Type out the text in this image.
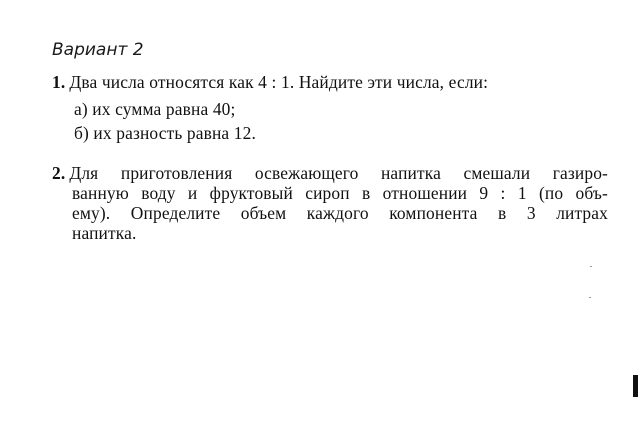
Вариант 2
1. Два числа относятся как 4 : 1. Найдите эти числа, если:
а) их сумма равна 40;
б) их разность равна 12.
2. Для приготовления освежающего напитка смешали газиро-
ванную воду и фруктовый сироп в отношении 9 : 1 (по объ-
ему). Определите объем каждого компонента в 3 литрах
напитка.
